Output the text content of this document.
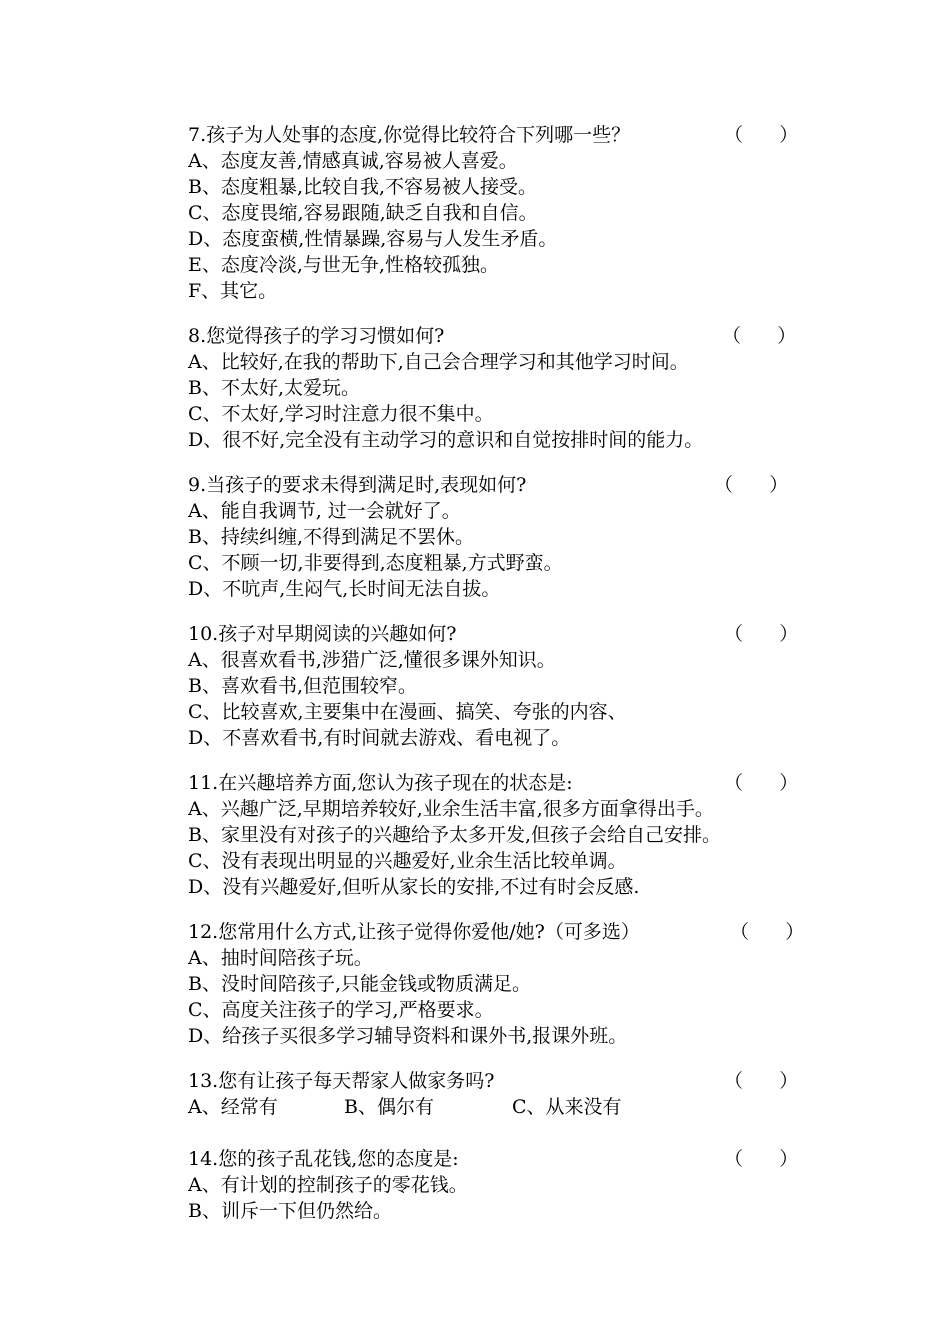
7.孩子为人处事的态度,你觉得比较符合下列哪一些？	（      ）
A、态度友善,情感真诚,容易被人喜爱。
B、态度粗暴,比较自我,不容易被人接受。
C、态度畏缩,容易跟随,缺乏自我和自信。
D、态度蛮横,性情暴躁,容易与人发生矛盾。
E、态度冷淡,与世无争,性格较孤独。
F、其它。
8.您觉得孩子的学习习惯如何?	（      ）
A、比较好,在我的帮助下,自己会合理学习和其他学习时间。
B、不太好,太爱玩。
C、不太好,学习时注意力很不集中。
D、很不好,完全没有主动学习的意识和自觉按排时间的能力。
9.当孩子的要求未得到满足时,表现如何?	（      ）
A、能自我调节, 过一会就好了。
B、持续纠缠,不得到满足不罢休。
C、不顾一切,非要得到,态度粗暴,方式野蛮。
D、不吭声,生闷气,长时间无法自拔。
10.孩子对早期阅读的兴趣如何?	（      ）
A、很喜欢看书,涉猎广泛,懂很多课外知识。
B、喜欢看书,但范围较窄。
C、比较喜欢,主要集中在漫画、搞笑、夸张的内容、
D、不喜欢看书,有时间就去游戏、看电视了。
11.在兴趣培养方面,您认为孩子现在的状态是:	（      ）
A、兴趣广泛,早期培养较好,业余生活丰富,很多方面拿得出手。
B、家里没有对孩子的兴趣给予太多开发,但孩子会给自己安排。
C、没有表现出明显的兴趣爱好,业余生活比较单调。
D、没有兴趣爱好,但听从家长的安排,不过有时会反感.
12.您常用什么方式,让孩子觉得你爱他/她?（可多选）	（      ）
A、抽时间陪孩子玩。
B、没时间陪孩子,只能金钱或物质满足。
C、高度关注孩子的学习,严格要求。
D、给孩子买很多学习辅导资料和课外书,报课外班。
13.您有让孩子每天帮家人做家务吗?	（      ）
A、经常有	B、偶尔有	C、从来没有
14.您的孩子乱花钱,您的态度是:	（      ）
A、有计划的控制孩子的零花钱。
B、训斥一下但仍然给。
